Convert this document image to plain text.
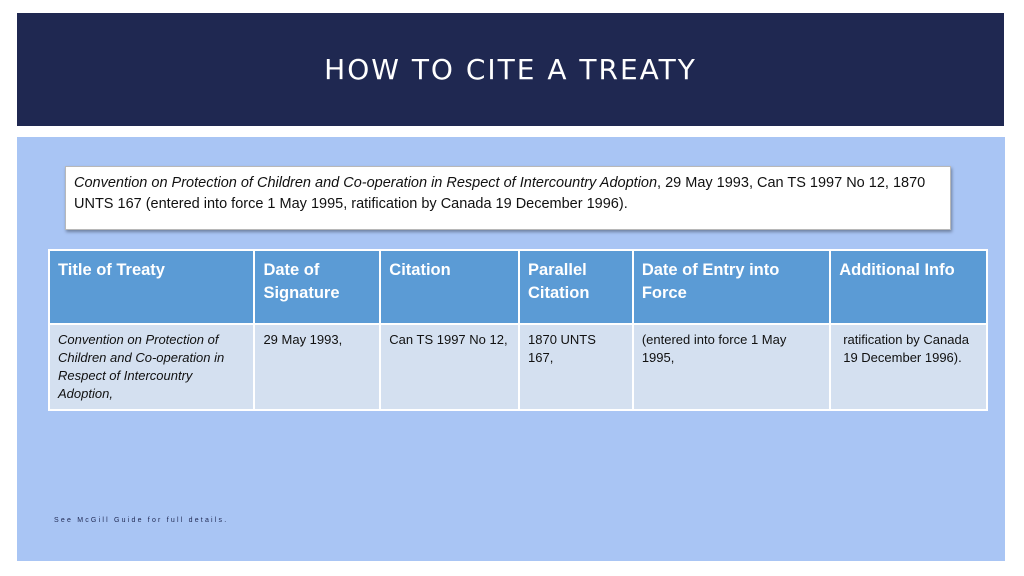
HOW TO CITE A TREATY
Convention on Protection of Children and Co-operation in Respect of Intercountry Adoption, 29 May 1993, Can TS 1997 No 12, 1870 UNTS 167 (entered into force 1 May 1995, ratification by Canada 19 December 1996).
Title of Treaty	Date of Signature	Citation	Parallel Citation	Date of Entry into Force	Additional Info
Convention on Protection of Children and Co-operation in Respect of Intercountry Adoption,	29 May 1993,	Can TS 1997 No 12,	1870 UNTS 167,	(entered into force 1 May 1995,	ratification by Canada 19 December 1996).
See McGill Guide for full details.
